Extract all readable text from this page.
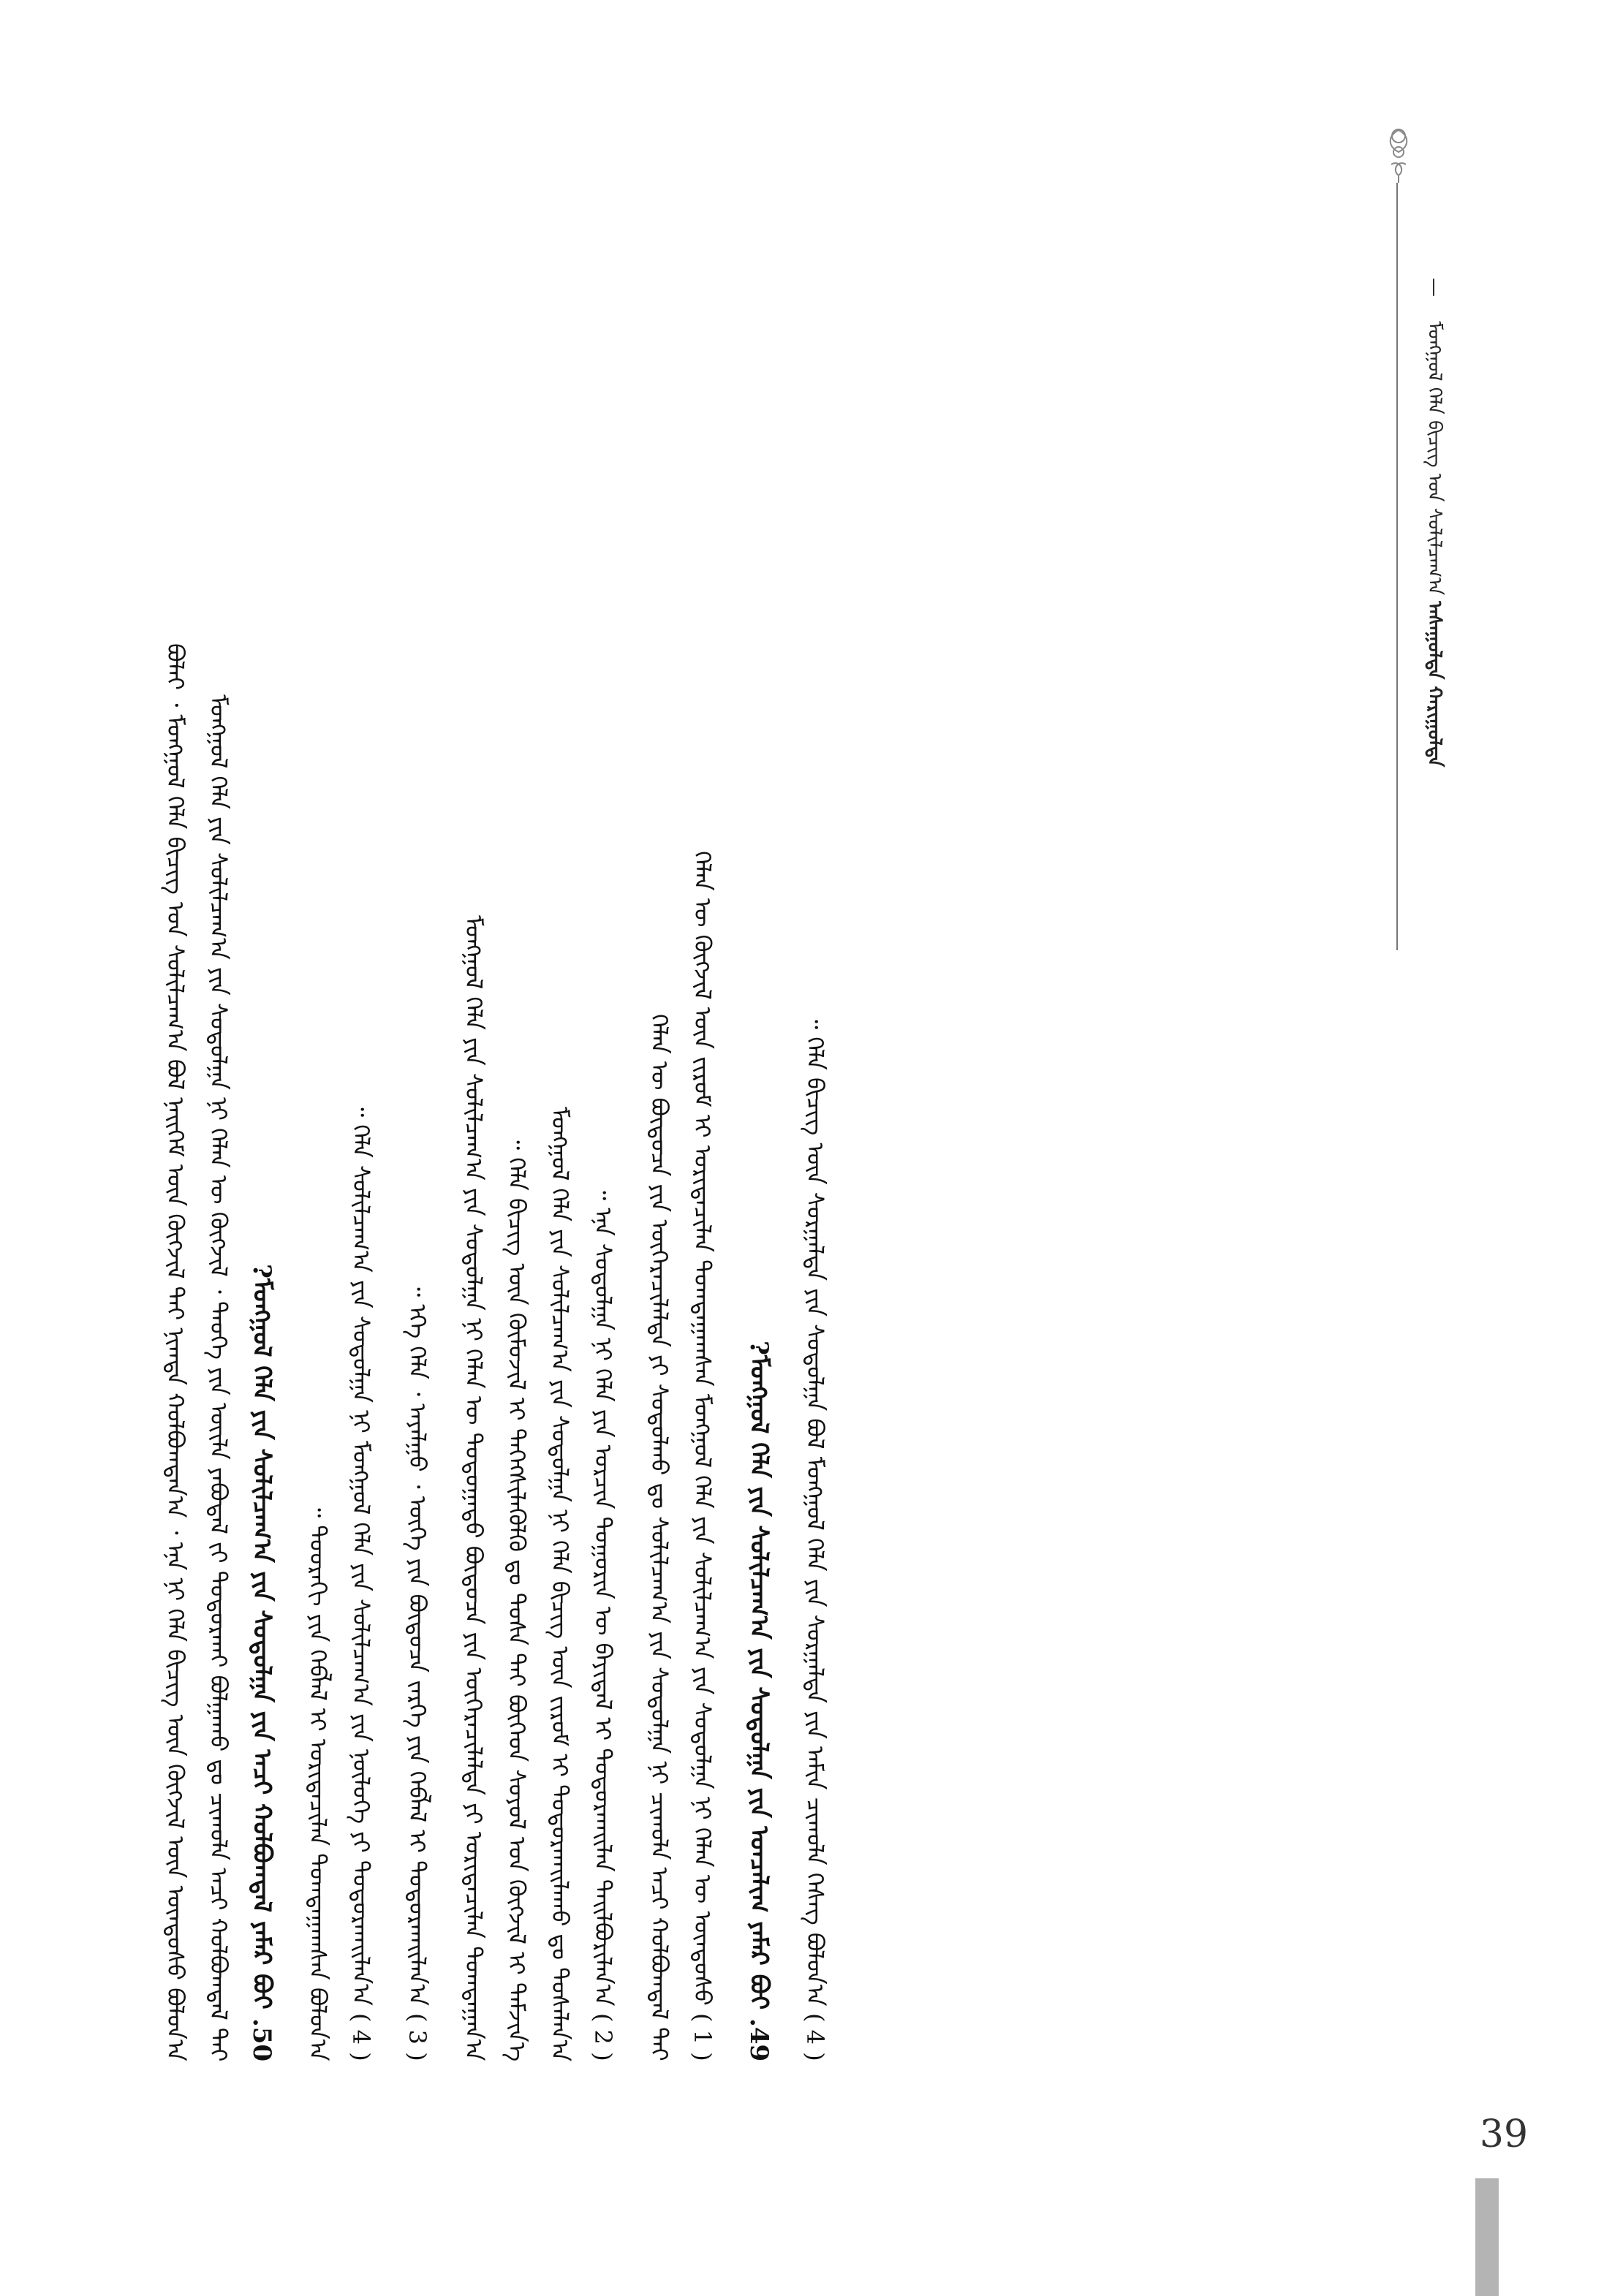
— ᠮᠣᠩᠭᠣᠯ ᠬᠡᠯᠡ ᠪᠢᠴᠢᠭ᠌ ᠤᠨ ᠰᠣᠯᠢᠯᠴᠠᠭ᠎ᠠ ᠠᠰᠠᠭᠤᠯᠲᠠ ᠬᠠᠷᠢᠭᠤᠯᠲᠠ
ᠪᠣᠯᠠᠢ ᠂ ᠮᠣᠩᠭᠣᠯ ᠬᠡᠯᠡ ᠪᠢᠴᠢᠭ᠌ ᠤᠨ ᠰᠣᠯᠢᠯᠴᠠᠭ᠎ᠠ ᠪᠣᠯ ᠨᠡᠢᠭᠡᠮ ᠦᠨ ᠬᠥᠭᠵᠢᠯ ᠲᠡᠢ ᠨᠢᠭᠲᠠ ᠬᠣᠯᠪᠣᠭᠳᠠᠨ᠎ᠠ ᠂ ᠡᠨᠡ ᠨᠢ ᠬᠡᠯᠡ ᠪᠢᠴᠢᠭ᠌ ᠦᠨ ᠬᠥᠭᠵᠢᠯ ᠦᠨ ᠦᠨᠳᠦᠰᠦ ᠪᠣᠯᠤᠨ᠎ᠠ ᠮᠣᠩᠭᠣᠯ ᠬᠡᠯᠡ ᠶᠢᠨ ᠰᠣᠯᠢᠯᠴᠠᠭ᠎ᠠ ᠶᠢᠨ ᠰᠤᠳᠤᠯᠭᠠ ᠨᠢ ᠬᠡᠯᠡᠨ ᠦ ᠬᠥᠭᠵᠢᠯ ᠂ ᠲᠡᠦᠬᠡ ᠶᠢᠨ ᠦᠢᠯᠡ ᠶᠠᠪᠤᠳᠠᠯ ᠵᠢ ᠲᠣᠳᠣᠷᠬᠠᠢ ᠪᠣᠯᠭᠠᠬᠤ ᠳᠤ ᠴᠢᠬᠤᠯᠠ ᠠᠴᠢ ᠬᠣᠯᠪᠣᠭᠳᠠᠯ ᠲᠠᠢ 50. ᠮᠣᠩᠭᠣᠯ ᠬᠡᠯᠡ ᠶᠢᠨ ᠰᠣᠯᠢᠯᠴᠠᠭ᠎ᠠ ᠶᠢᠨ ᠰᠤᠳᠤᠯᠭᠠ ᠶᠢᠨ ᠠᠴᠢ ᠬᠣᠯᠪᠣᠭᠳᠠᠯ ᠶᠠᠮᠠᠷ ᠪᠣᠢ?	ᠳᠣᠣᠷᠠᠬᠢ ᠶᠢᠨ ᠬᠡᠪᠯᠡᠯ ᠢ ᠤᠷᠢᠳᠠᠴᠢᠯᠠᠨ ᠲᠣᠭᠲᠠᠭᠠᠭᠰᠠᠨ ᠪᠣᠯᠤᠨ᠎ᠠ ᠃ ( 4 ) ᠬᠡᠯᠡ ᠰᠣᠯᠢᠯᠴᠠᠭ᠎ᠠ ᠶᠢᠨ ᠰᠤᠳᠤᠯᠭᠠ ᠨᠢ ᠮᠣᠩᠭᠣᠯ ᠬᠡᠯᠡ ᠶᠢᠨ ᠰᠣᠯᠢᠯᠴᠠᠭ᠎ᠠ ᠶᠢᠨ ᠨᠥᠯᠦᠭᠡ ᠶᠢ ᠲᠣᠳᠣᠷᠬᠠᠢᠯᠠᠨ᠎ᠠ ᠃
( 3 ) ᠡᠬᠡ ᠬᠡᠯᠡ ᠂ ᠠᠶᠠᠯᠭᠤ ᠂ ᠦᠭᠡ ᠶᠢᠨ ᠪᠦᠲᠦᠴᠡ ᠵᠡᠷᠭᠡ ᠶᠢᠨ ᠬᠡᠪᠯᠡᠯ ᠢ ᠲᠣᠳᠣᠷᠬᠠᠢᠯᠠᠨ᠎ᠠ ᠃	ᠮᠣᠩᠭᠣᠯ ᠬᠡᠯᠡ ᠶᠢᠨ ᠰᠣᠯᠢᠯᠴᠠᠭ᠎ᠠ ᠶᠢᠨ ᠰᠤᠳᠤᠯᠭᠠ ᠨᠢ ᠬᠡᠯᠡᠨ ᠦ ᠳᠣᠲᠣᠭᠠᠳᠤ ᠪᠦᠲᠦᠴᠡ ᠶᠢᠨ ᠥᠭᠡᠷᠡᠴᠢᠯᠡᠯᠲᠡ ᠶᠢ ᠤᠷᠢᠳᠠᠴᠢᠯᠠᠨ ᠲᠣᠭᠲᠠᠭᠠᠨ᠎ᠠ ᠬᠡᠯᠡ ᠪᠢᠴᠢᠭ᠌ ᠦᠨ ᠬᠦᠮᠦᠵᠢᠯ ᠢ ᠳᠡᠭᠡᠭᠰᠢᠯᠡᠭᠦᠯᠬᠦ ᠳᠤ ᠲᠤᠰᠠ ᠲᠠᠢ ᠪᠥᠭᠡᠳ ᠰᠣᠶᠤᠯ ᠤᠨ ᠬᠥᠭᠵᠢᠯ ᠢ ᠳᠡᠮᠵᠢᠨ᠎ᠡ ᠃ ᠮᠣᠩᠭᠣᠯ ᠬᠡᠯᠡ ᠶᠢᠨ ᠰᠣᠯᠢᠯᠴᠠᠭ᠎ᠠ ᠶᠢᠨ ᠰᠤᠳᠤᠯᠭᠠ ᠨᠢ ᠬᠡᠯᠡ ᠪᠢᠴᠢᠭ᠌ ᠦᠨ ᠵᠢᠷᠤᠮ ᠢ ᠲᠣᠳᠣᠷᠬᠠᠢᠯᠠᠬᠤ ᠳᠤ ᠲᠤᠰᠠᠯᠠᠨ᠎ᠠ ( 2 ) ᠡᠨᠡ ᠰᠤᠳᠤᠯᠭᠠ ᠨᠢ ᠬᠡᠯᠡ ᠶᠢᠨ ᠣᠷᠴᠢᠨ ᠲᠣᠭᠣᠷᠢᠨ ᠦ ᠪᠠᠶᠢᠳᠠᠯ ᠢ ᠲᠣᠳᠣᠷᠬᠠᠢᠯᠠᠨ ᠲᠠᠢᠯᠪᠤᠷᠢᠯᠠᠨ᠎ᠠ ᠃	ᠬᠡᠯᠡᠨ ᠦ ᠪᠦᠲᠦᠴᠡ ᠶᠢᠨ ᠥᠭᠡᠷᠡᠴᠢᠯᠡᠯᠲᠡ ᠶᠢ ᠰᠤᠳᠤᠯᠬᠤ ᠳᠤ ᠰᠣᠯᠢᠯᠴᠠᠭ᠎ᠠ ᠶᠢᠨ ᠰᠤᠳᠤᠯᠭᠠ ᠨᠢ ᠴᠢᠬᠤᠯᠠ ᠠᠴᠢ ᠬᠣᠯᠪᠣᠭᠳᠠᠯ ᠲᠠᠢ ( 1 ) ᠬᠡᠯᠡᠨ ᠦ ᠬᠥᠭᠵᠢᠯ ᠦᠨ ᠵᠢᠷᠤᠮ ᠢ ᠤᠷᠢᠳᠠᠴᠢᠯᠠᠨ ᠲᠣᠭᠲᠠᠭᠠᠭᠰᠠᠨ ᠮᠣᠩᠭᠣᠯ ᠬᠡᠯᠡ ᠶᠢᠨ ᠰᠣᠯᠢᠯᠴᠠᠭ᠎ᠠ ᠶᠢᠨ ᠰᠤᠳᠤᠯᠭᠠ ᠨᠢ ᠬᠡᠯᠡᠨ ᠦ ᠦᠨᠳᠦᠰᠦ
49. ᠮᠣᠩᠭᠣᠯ ᠬᠡᠯᠡ ᠶᠢᠨ ᠰᠣᠯᠢᠯᠴᠠᠭ᠎ᠠ ᠶᠢᠨ ᠰᠤᠳᠤᠯᠭᠠ ᠶᠢᠨ ᠣᠨᠴᠠᠯᠢᠭ ᠶᠠᠮᠠᠷ ᠪᠣᠢ?
( 4 ) ᠬᠡᠯᠡ ᠪᠢᠴᠢᠭ᠌ ᠦᠨ ᠰᠤᠷᠭᠠᠯᠲᠠ ᠶᠢᠨ ᠰᠤᠳᠤᠯᠭᠠ ᠪᠣᠯ ᠮᠣᠩᠭᠣᠯ ᠬᠡᠯᠡ ᠶᠢᠨ ᠰᠤᠷᠭᠠᠯᠲᠠ ᠶᠢᠨ ᠠᠮᠢᠨ ᠴᠢᠬᠤᠯᠠ ᠬᠡᠰᠡᠭ ᠪᠣᠯᠤᠨ᠎ᠠ ᠃
39
